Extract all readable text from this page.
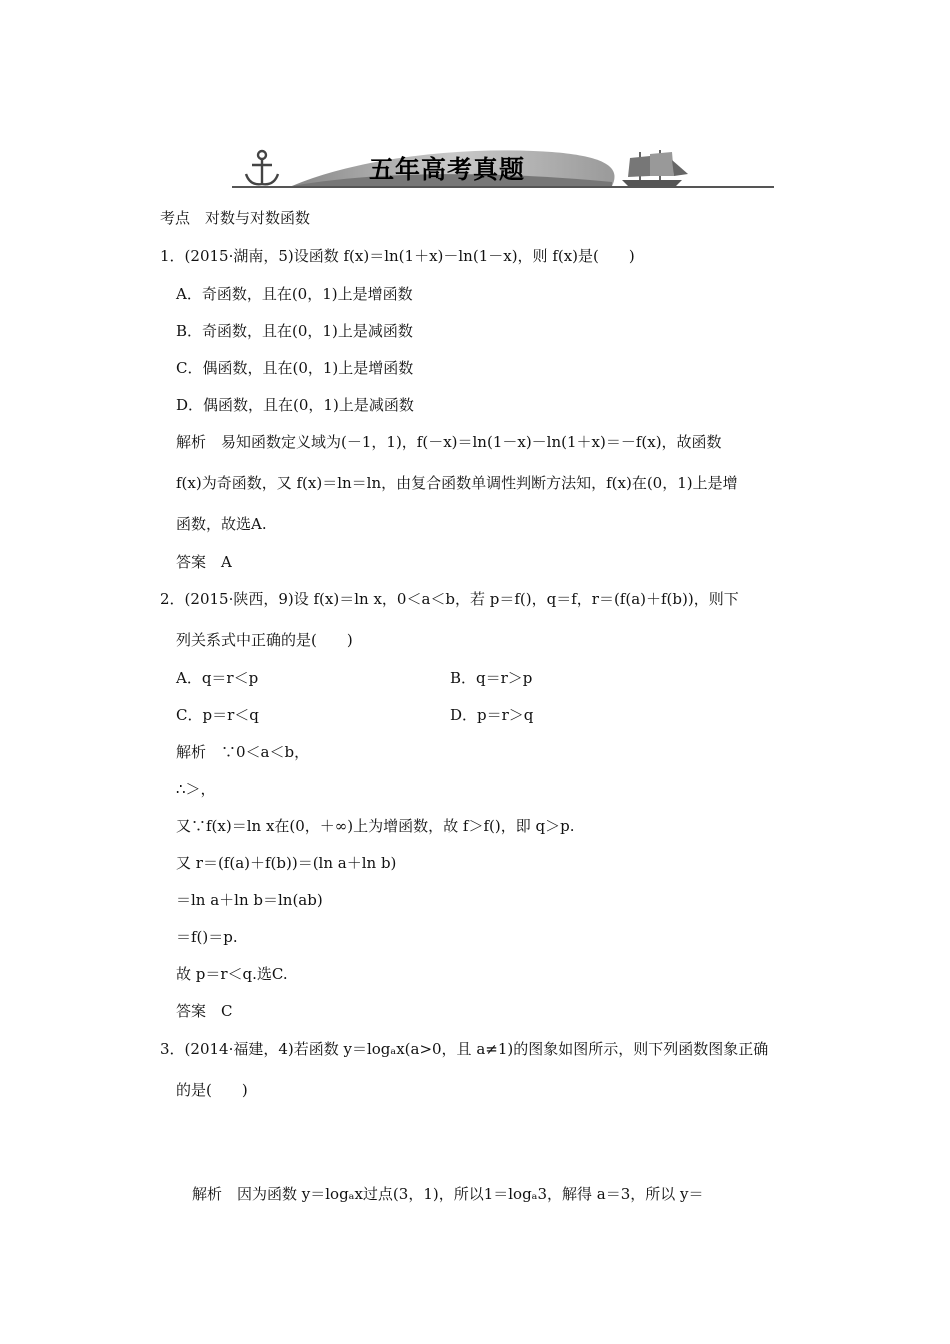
五年高考真题
考点　对数与对数函数
1．(2015·湖南，5)设函数 f(x)＝ln(1＋x)－ln(1－x)，则 f(x)是(　　)
A．奇函数，且在(0，1)上是增函数
B．奇函数，且在(0，1)上是减函数
C．偶函数，且在(0，1)上是增函数
D．偶函数，且在(0，1)上是减函数
解析　易知函数定义域为(－1，1)，f(－x)＝ln(1－x)－ln(1＋x)＝－f(x)，故函数
f(x)为奇函数，又 f(x)＝ln＝ln，由复合函数单调性判断方法知，f(x)在(0，1)上是增
函数，故选A.
答案　A
2．(2015·陕西，9)设 f(x)＝ln x，0＜a＜b，若 p＝f()，q＝f，r＝(f(a)＋f(b))，则下
列关系式中正确的是(　　)
A．q＝r＜p	B．q＝r＞p
C．p＝r＜q	D．p＝r＞q
解析　∵0＜a＜b，
∴＞，
又∵f(x)＝ln x在(0，＋∞)上为增函数，故 f＞f()，即 q＞p.
又 r＝(f(a)＋f(b))＝(ln a＋ln b)
＝ln a＋ln b＝ln(ab)
＝f()＝p.
故 p＝r＜q.选C.
答案　C
3．(2014·福建，4)若函数 y＝logₐx(a>0，且 a≠1)的图象如图所示，则下列函数图象正确
的是(　　)
解析　因为函数 y＝logₐx过点(3，1)，所以1＝logₐ3，解得 a＝3，所以 y＝
